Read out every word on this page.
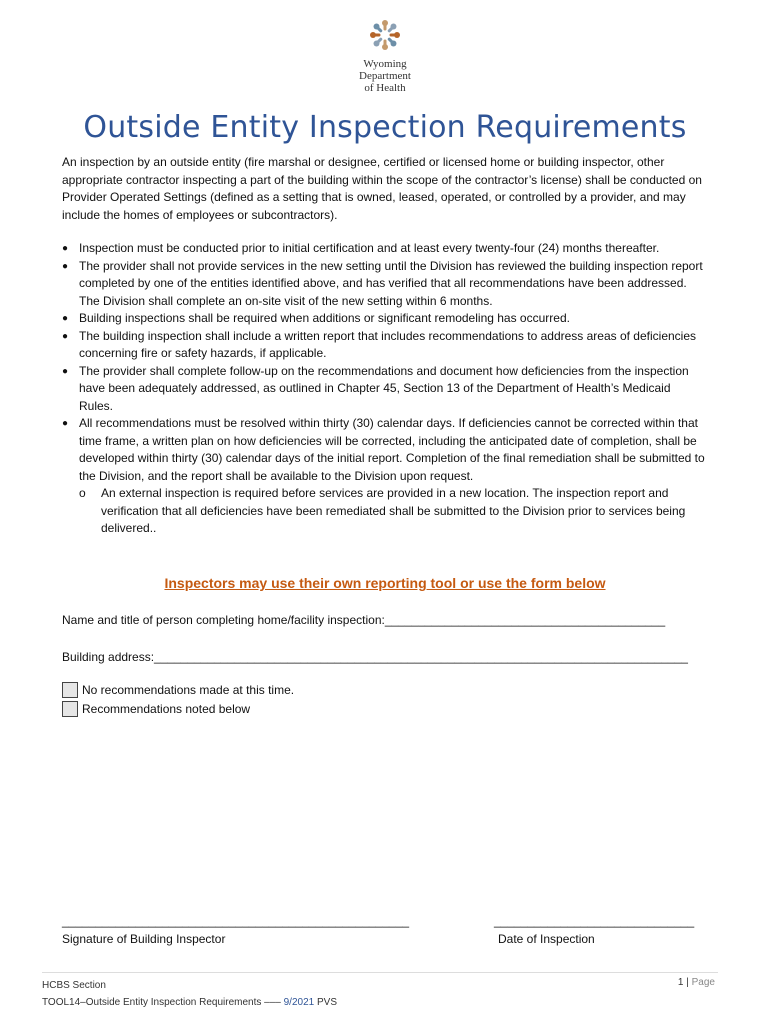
Wyoming
Department
of Health
Outside Entity Inspection Requirements

An inspection by an outside entity (fire marshal or designee, certified or licensed home or building inspector, other appropriate contractor inspecting a part of the building within the scope of the contractor’s license) shall be conducted on Provider Operated Settings (defined as a setting that is owned, leased, operated, or controlled by a provider, and may include the homes of employees or subcontractors).

● Inspection must be conducted prior to initial certification and at least every twenty-four (24) months thereafter.
● The provider shall not provide services in the new setting until the Division has reviewed the building inspection report completed by one of the entities identified above, and has verified that all recommendations have been addressed. The Division shall complete an on-site visit of the new setting within 6 months.
● Building inspections shall be required when additions or significant remodeling has occurred.
● The building inspection shall include a written report that includes recommendations to address areas of deficiencies concerning fire or safety hazards, if applicable.
● The provider shall complete follow-up on the recommendations and document how deficiencies from the inspection have been adequately addressed, as outlined in Chapter 45, Section 13 of the Department of Health’s Medicaid Rules.
● All recommendations must be resolved within thirty (30) calendar days. If deficiencies cannot be corrected within that time frame, a written plan on how deficiencies will be corrected, including the anticipated date of completion, shall be developed within thirty (30) calendar days of the initial report. Completion of the final remediation shall be submitted to the Division, and the report shall be available to the Division upon request.
o An external inspection is required before services are provided in a new location. The inspection report and verification that all deficiencies have been remediated shall be submitted to the Division prior to services being delivered..
Inspectors may use their own reporting tool or use the form below
Name and title of person completing home/facility inspection:__________________________________________
Building address:________________________________________________________________________________
No recommendations made at this time.
Recommendations noted below
____________________________________________________
Signature of Building Inspector
______________________________
Date of Inspection
HCBS Section
TOOL14–Outside Entity Inspection Requirements ––– 9/2021 PVS
1 | Page
